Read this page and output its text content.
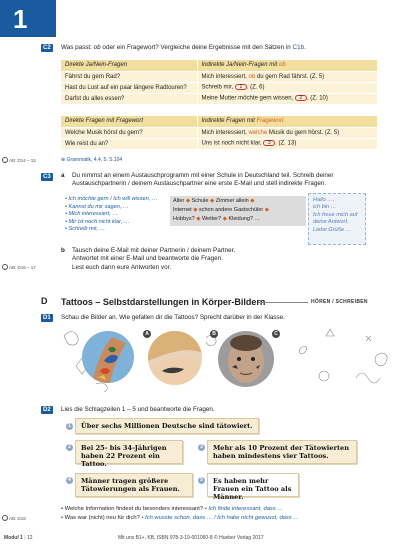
1
C2	Was passt: ob oder ein Fragewort? Vergleiche deine Ergebnisse mit den Sätzen in C1b.
Direkte Ja/Nein-Fragen	Indirekte Ja/Nein-Fragen mit ob
Fährst du gern Rad?	Mich interessiert, ob du gern Rad fährst. (Z. 5)
Hast du Lust auf ein paar längere Radtouren?	Schreib mir, 1 . (Z. 6)
Darfst du alles essen?	Meine Mutter möchte gern wissen, 2 . (Z. 10)
Direkte Fragen mit Fragewort	Indirekte Fragen mit Fragewort
Welche Musik hörst du gern?	Mich interessiert, welche Musik du gern hörst. (Z. 5)
Wie reist du an?	Uns ist noch nicht klar, 3 . (Z. 13)
→ AB: D14 – 15	⊕ Grammatik, 4.4, 5, S.104
C3	a Du nimmst an einem Austauschprogramm mit einer Schule in Deutschland teil. Schreib deiner
Austauschpartnerin / deinem Austauschpartner eine erste E-Mail und stell indirekte Fragen.
• Ich möchte gern / Ich will wissen, …
• Kannst du mir sagen, …
• Mich interessiert, …
• Mir ist noch nicht klar, …
• Schreib mir, …
Alter ◆ Schule ◆ Zimmer allein ◆
Internet ◆ schon andere Gastschüler ◆
Hobbys? ◆ Wetter? ◆ Kleidung? …
Hallo …,
ich bin …
Ich freue mich auf
deine Antwort.
Liebe Grüße …
b Tausch deine E-Mail mit deiner Partnerin / deinem Partner.
Antwortet mit einer E-Mail und beantworte die Fragen.
Lest euch dann eure Antworten vor.
→ AB: D16 – 17
D Tattoos – Selbstdarstellungen in Körper-Bildern	HÖREN / SCHREIBEN
D1	Schau die Bilder an. Wie gefallen dir die Tattoos? Sprecht darüber in der Klasse.
A	B	C
D2	Lies die Schlagzeilen 1 – 5 und beantworte die Fragen.
1	Über sechs Millionen Deutsche sind tätowiert.
2	Bei 25- bis 34-Jährigen haben 22 Prozent ein Tattoo.
3	Mehr als 10 Prozent der Tätowierten haben mindestens vier Tattoos.
4	Männer tragen größere Tätowierungen als Frauen.
5	Es haben mehr Frauen ein Tattoo als Männer.
• Welche Information findest du besonders interessant? • Ich finde interessant, dass …
• Was war (nicht) neu für dich? • Ich wusste schon, dass … / Ich habe nicht gewusst, dass …
→ AB: D18
Modul 1 | 12	Mit uns B1+, KB, ISBN 978-3-19-001060-8 © Hueber Verlag 2017
